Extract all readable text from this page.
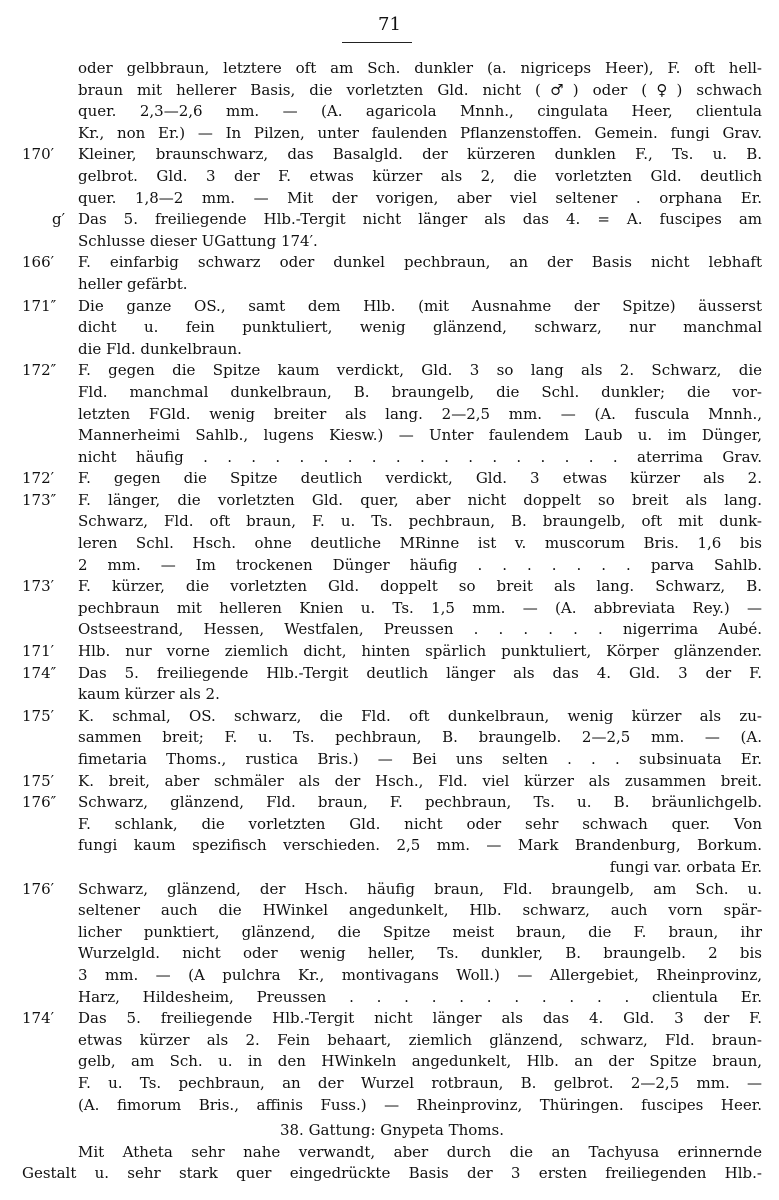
71
oder gelbbraun, letztere oft am Sch. dunkler (a. nigriceps Heer), F. oft hell-
braun mit hellerer Basis, die vorletzten Gld. nicht (♂) oder (♀) schwach
quer. 2,3—2,6 mm. — (A. agaricola Mnnh., cingulata Heer, clientula
Kr., non Er.) — In Pilzen, unter faulenden Pflanzenstoffen. Gemein. fungi Grav.
170′	Kleiner, braunschwarz, das Basalgld. der kürzeren dunklen F., Ts. u. B.
gelbrot. Gld. 3 der F. etwas kürzer als 2, die vorletzten Gld. deutlich
quer. 1,8—2 mm. — Mit der vorigen, aber viel seltener . orphana Er.
g′ Das 5. freiliegende Hlb.-Tergit nicht länger als das 4. = A. fuscipes am
Schlusse dieser UGattung 174′.
166′	F. einfarbig schwarz oder dunkel pechbraun, an der Basis nicht lebhaft
heller gefärbt.
171″	Die ganze OS., samt dem Hlb. (mit Ausnahme der Spitze) äusserst
dicht u. fein punktuliert, wenig glänzend, schwarz, nur manchmal
die Fld. dunkelbraun.
172″	F. gegen die Spitze kaum verdickt, Gld. 3 so lang als 2. Schwarz, die
Fld. manchmal dunkelbraun, B. braungelb, die Schl. dunkler; die vor-
letzten FGld. wenig breiter als lang. 2—2,5 mm. — (A. fuscula Mnnh.,
Mannerheimi Sahlb., lugens Kiesw.) — Unter faulendem Laub u. im Dünger,
nicht häufig . . . . . . . . . . . . . . . . . . aterrima Grav.
172′	F. gegen die Spitze deutlich verdickt, Gld. 3 etwas kürzer als 2.
173″	F. länger, die vorletzten Gld. quer, aber nicht doppelt so breit als lang.
Schwarz, Fld. oft braun, F. u. Ts. pechbraun, B. braungelb, oft mit dunk-
leren Schl. Hsch. ohne deutliche MRinne ist v. muscorum Bris. 1,6 bis
2 mm. — Im trockenen Dünger häufig . . . . . . . parva Sahlb.
173′	F. kürzer, die vorletzten Gld. doppelt so breit als lang. Schwarz, B.
pechbraun mit helleren Knien u. Ts. 1,5 mm. — (A. abbreviata Rey.) —
Ostseestrand, Hessen, Westfalen, Preussen . . . . . . nigerrima Aubé.
171′	Hlb. nur vorne ziemlich dicht, hinten spärlich punktuliert, Körper glänzender.
174″	Das 5. freiliegende Hlb.-Tergit deutlich länger als das 4. Gld. 3 der F.
kaum kürzer als 2.
175′	K. schmal, OS. schwarz, die Fld. oft dunkelbraun, wenig kürzer als zu-
sammen breit; F. u. Ts. pechbraun, B. braungelb. 2—2,5 mm. — (A.
fimetaria Thoms., rustica Bris.) — Bei uns selten . . . subsinuata Er.
175′	K. breit, aber schmäler als der Hsch., Fld. viel kürzer als zusammen breit.
176″	Schwarz, glänzend, Fld. braun, F. pechbraun, Ts. u. B. bräunlichgelb.
F. schlank, die vorletzten Gld. nicht oder sehr schwach quer. Von
fungi kaum spezifisch verschieden. 2,5 mm. — Mark Brandenburg, Borkum.
fungi var. orbata Er.
176′	Schwarz, glänzend, der Hsch. häufig braun, Fld. braungelb, am Sch. u.
seltener auch die HWinkel angedunkelt, Hlb. schwarz, auch vorn spär-
licher punktiert, glänzend, die Spitze meist braun, die F. braun, ihr
Wurzelgld. nicht oder wenig heller, Ts. dunkler, B. braungelb. 2 bis
3 mm. — (A pulchra Kr., montivagans Woll.) — Allergebiet, Rheinprovinz,
Harz, Hildesheim, Preussen . . . . . . . . . . . clientula Er.
174′	Das 5. freiliegende Hlb.-Tergit nicht länger als das 4. Gld. 3 der F.
etwas kürzer als 2. Fein behaart, ziemlich glänzend, schwarz, Fld. braun-
gelb, am Sch. u. in den HWinkeln angedunkelt, Hlb. an der Spitze braun,
F. u. Ts. pechbraun, an der Wurzel rotbraun, B. gelbrot. 2—2,5 mm. —
(A. fimorum Bris., affinis Fuss.) — Rheinprovinz, Thüringen. fuscipes Heer.
38. Gattung: Gnypeta Thoms.
Mit Atheta sehr nahe verwandt, aber durch die an Tachyusa erinnernde
Gestalt u. sehr stark quer eingedrückte Basis der 3 ersten freiliegenden Hlb.-
